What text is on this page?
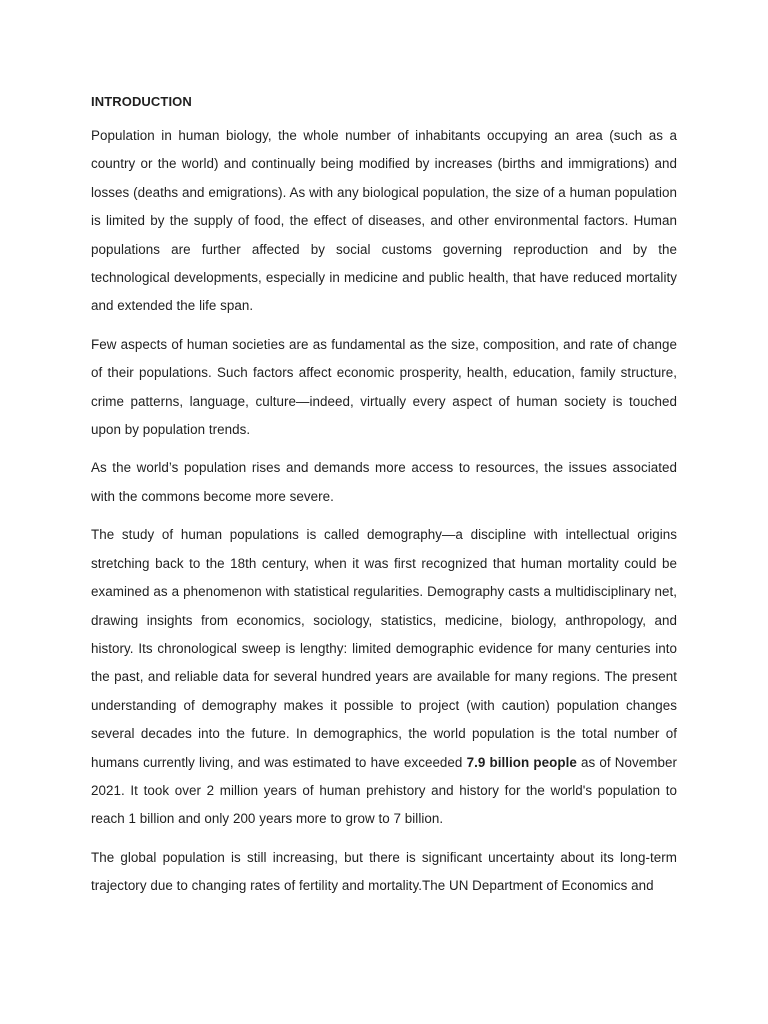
INTRODUCTION

Population in human biology, the whole number of inhabitants occupying an area (such as a country or the world) and continually being modified by increases (births and immigrations) and losses (deaths and emigrations). As with any biological population, the size of a human population is limited by the supply of food, the effect of diseases, and other environmental factors. Human populations are further affected by social customs governing reproduction and by the technological developments, especially in medicine and public health, that have reduced mortality and extended the life span.

Few aspects of human societies are as fundamental as the size, composition, and rate of change of their populations. Such factors affect economic prosperity, health, education, family structure, crime patterns, language, culture—indeed, virtually every aspect of human society is touched upon by population trends.

As the world’s population rises and demands more access to resources, the issues associated with the commons become more severe.

The study of human populations is called demography—a discipline with intellectual origins stretching back to the 18th century, when it was first recognized that human mortality could be examined as a phenomenon with statistical regularities. Demography casts a multidisciplinary net, drawing insights from economics, sociology, statistics, medicine, biology, anthropology, and history. Its chronological sweep is lengthy: limited demographic evidence for many centuries into the past, and reliable data for several hundred years are available for many regions. The present understanding of demography makes it possible to project (with caution) population changes several decades into the future. In demographics, the world population is the total number of humans currently living, and was estimated to have exceeded 7.9 billion people as of November 2021. It took over 2 million years of human prehistory and history for the world's population to reach 1 billion and only 200 years more to grow to 7 billion.

The global population is still increasing, but there is significant uncertainty about its long-term trajectory due to changing rates of fertility and mortality.The UN Department of Economics and
